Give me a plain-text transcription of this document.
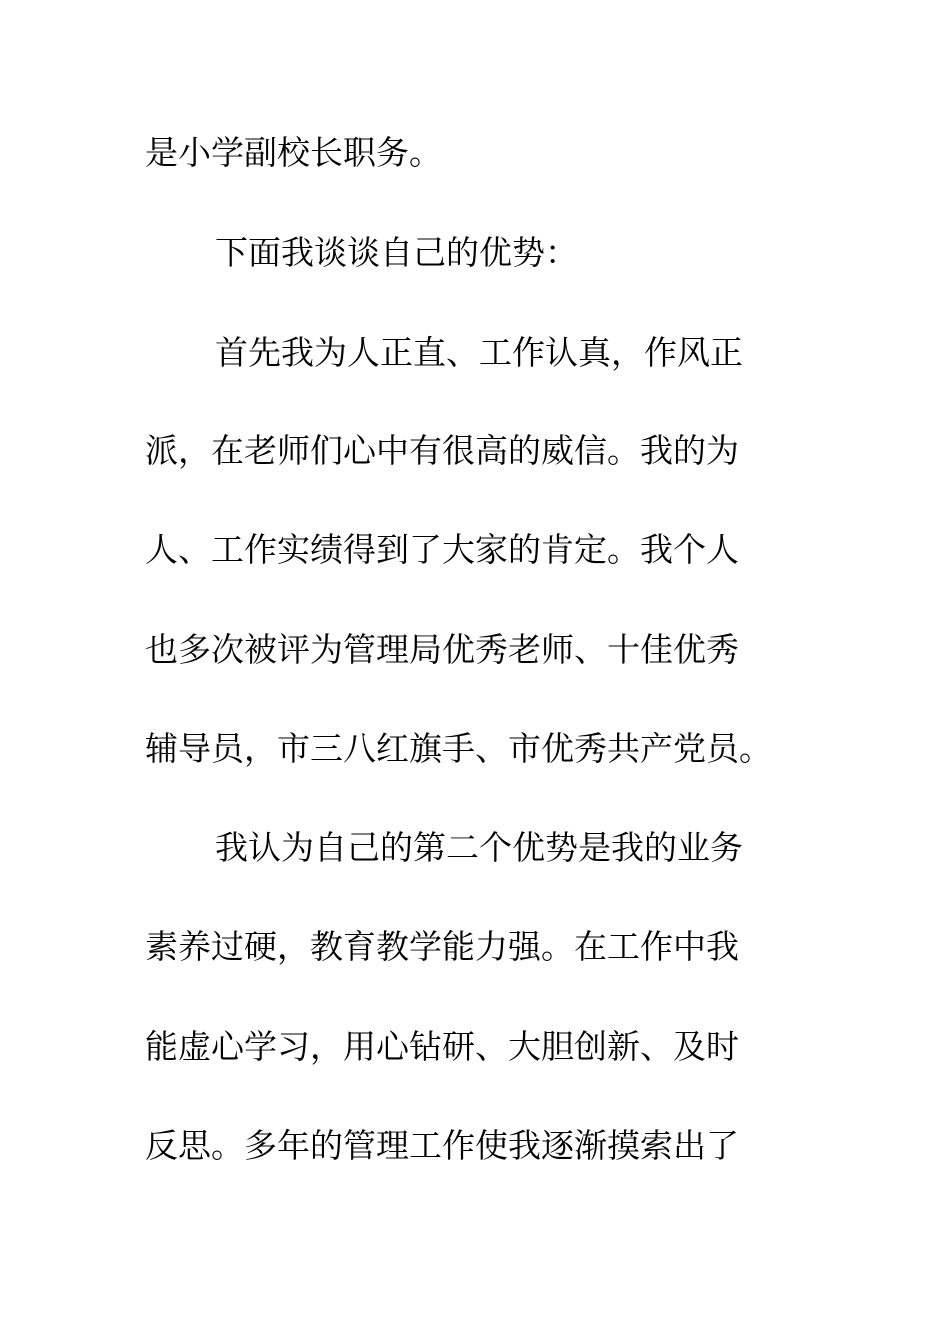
是小学副校长职务。
下面我谈谈自己的优势：
首先我为人正直、工作认真，作风正
派，在老师们心中有很高的威信。我的为
人、工作实绩得到了大家的肯定。我个人
也多次被评为管理局优秀老师、十佳优秀
辅导员，市三八红旗手、市优秀共产党员。
我认为自己的第二个优势是我的业务
素养过硬，教育教学能力强。在工作中我
能虚心学习，用心钻研、大胆创新、及时
反思。多年的管理工作使我逐渐摸索出了
